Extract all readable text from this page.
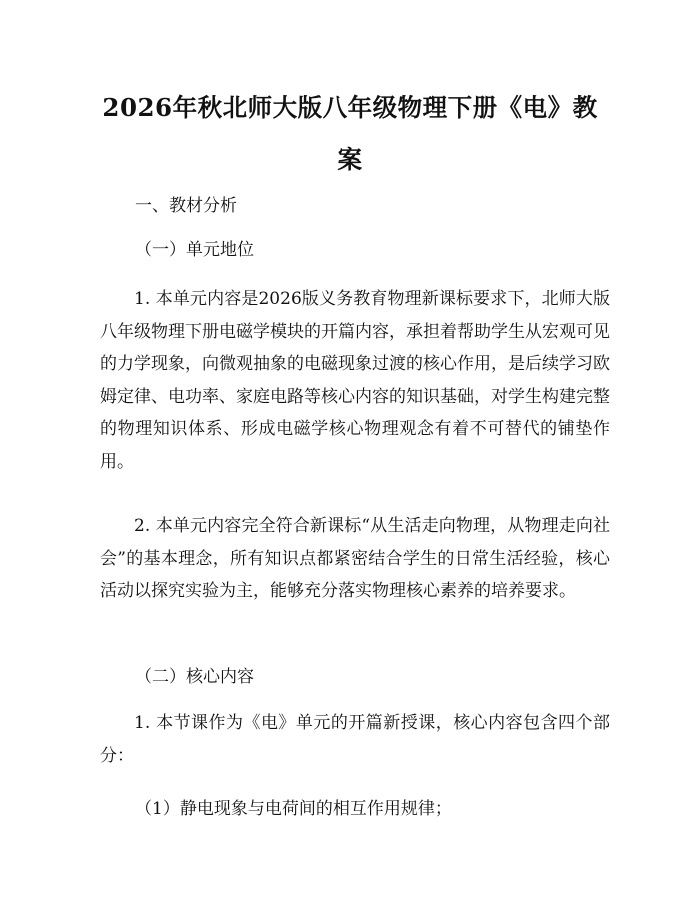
2026年秋北师大版八年级物理下册《电》教案

一、教材分析

（一）单元地位

1. 本单元内容是2026版义务教育物理新课标要求下，北师大版八年级物理下册电磁学模块的开篇内容，承担着帮助学生从宏观可见的力学现象，向微观抽象的电磁现象过渡的核心作用，是后续学习欧姆定律、电功率、家庭电路等核心内容的知识基础，对学生构建完整的物理知识体系、形成电磁学核心物理观念有着不可替代的铺垫作用。

2. 本单元内容完全符合新课标“从生活走向物理，从物理走向社会”的基本理念，所有知识点都紧密结合学生的日常生活经验，核心活动以探究实验为主，能够充分落实物理核心素养的培养要求。

（二）核心内容

1. 本节课作为《电》单元的开篇新授课，核心内容包含四个部分：

（1）静电现象与电荷间的相互作用规律；
